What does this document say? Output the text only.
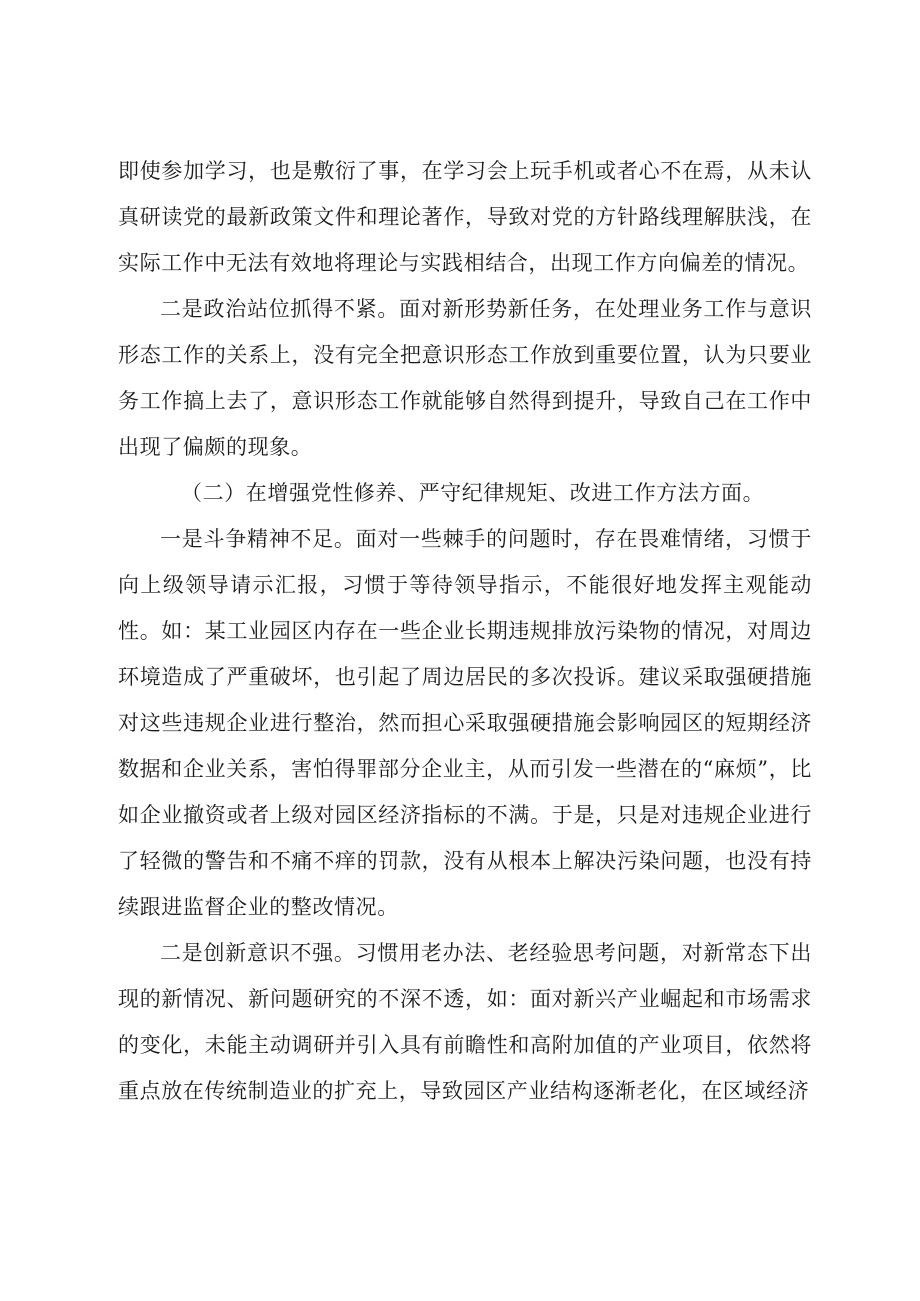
即使参加学习，也是敷衍了事，在学习会上玩手机或者心不在焉，从未认真研读党的最新政策文件和理论著作，导致对党的方针路线理解肤浅，在实际工作中无法有效地将理论与实践相结合，出现工作方向偏差的情况。

二是政治站位抓得不紧。面对新形势新任务，在处理业务工作与意识形态工作的关系上，没有完全把意识形态工作放到重要位置，认为只要业务工作搞上去了，意识形态工作就能够自然得到提升，导致自己在工作中出现了偏颇的现象。

（二）在增强党性修养、严守纪律规矩、改进工作方法方面。

一是斗争精神不足。面对一些棘手的问题时，存在畏难情绪，习惯于向上级领导请示汇报，习惯于等待领导指示，不能很好地发挥主观能动性。如：某工业园区内存在一些企业长期违规排放污染物的情况，对周边环境造成了严重破坏，也引起了周边居民的多次投诉。建议采取强硬措施对这些违规企业进行整治，然而担心采取强硬措施会影响园区的短期经济数据和企业关系，害怕得罪部分企业主，从而引发一些潜在的“麻烦”，比如企业撤资或者上级对园区经济指标的不满。于是，只是对违规企业进行了轻微的警告和不痛不痒的罚款，没有从根本上解决污染问题，也没有持续跟进监督企业的整改情况。

二是创新意识不强。习惯用老办法、老经验思考问题，对新常态下出现的新情况、新问题研究的不深不透，如：面对新兴产业崛起和市场需求的变化，未能主动调研并引入具有前瞻性和高附加值的产业项目，依然将重点放在传统制造业的扩充上，导致园区产业结构逐渐老化，在区域经济
